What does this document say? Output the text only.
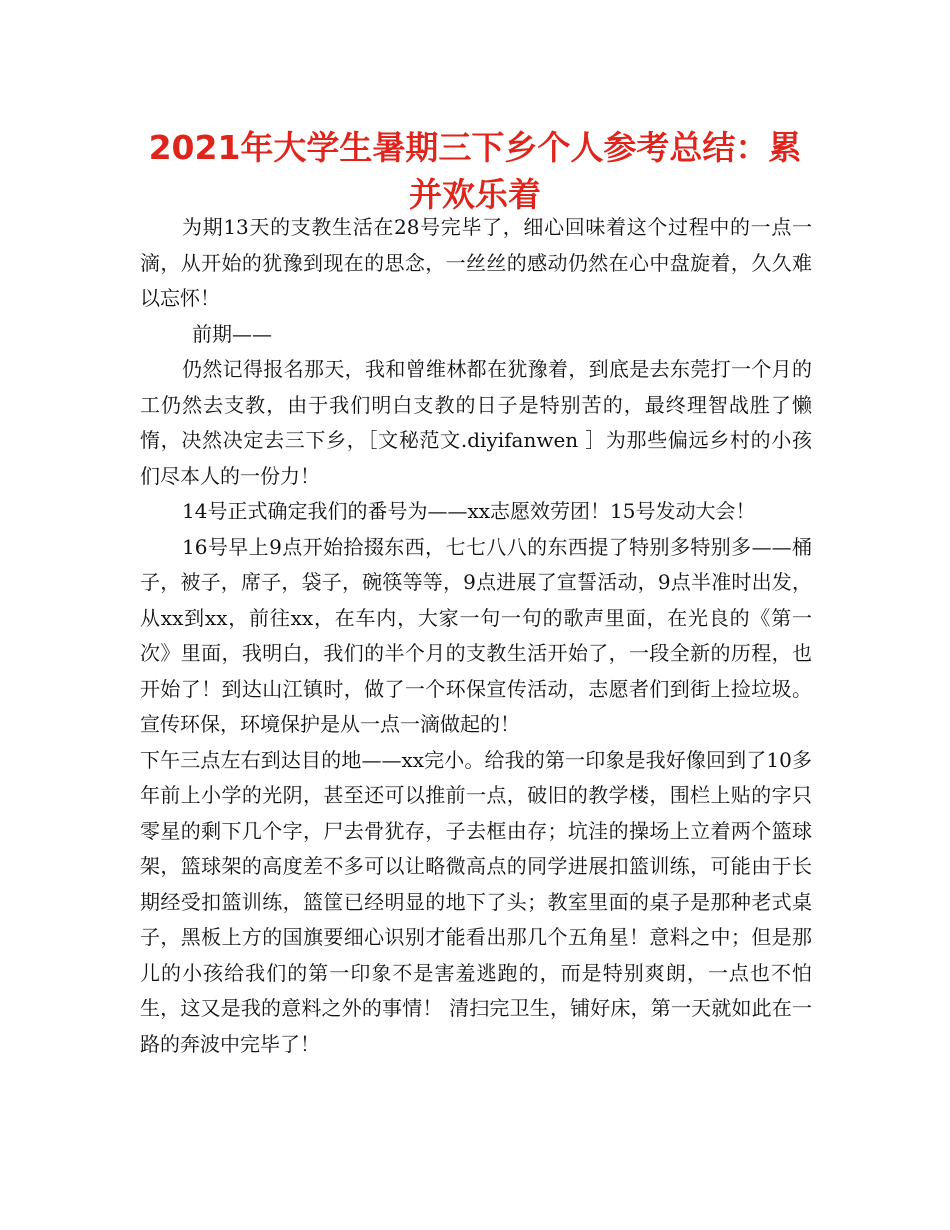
2021年大学生暑期三下乡个人参考总结：累并欢乐着

为期13天的支教生活在28号完毕了，细心回味着这个过程中的一点一滴，从开始的犹豫到现在的思念，一丝丝的感动仍然在心中盘旋着，久久难以忘怀！

前期——

仍然记得报名那天，我和曾维林都在犹豫着，到底是去东莞打一个月的工仍然去支教，由于我们明白支教的日子是特别苦的，最终理智战胜了懒惰，决然决定去三下乡，［文秘范文.diyifanwen ］为那些偏远乡村的小孩们尽本人的一份力！

14号正式确定我们的番号为——xx志愿效劳团！15号发动大会！

16号早上9点开始拾掇东西，七七八八的东西提了特别多特别多——桶子，被子，席子，袋子，碗筷等等，9点进展了宣誓活动，9点半准时出发，从xx到xx，前往xx，在车内，大家一句一句的歌声里面，在光良的《第一次》里面，我明白，我们的半个月的支教生活开始了，一段全新的历程，也开始了！到达山江镇时，做了一个环保宣传活动，志愿者们到街上捡垃圾。宣传环保，环境保护是从一点一滴做起的！

下午三点左右到达目的地——xx完小。给我的第一印象是我好像回到了10多年前上小学的光阴，甚至还可以推前一点，破旧的教学楼，围栏上贴的字只零星的剩下几个字，尸去骨犹存，子去框由存；坑洼的操场上立着两个篮球架，篮球架的高度差不多可以让略微高点的同学进展扣篮训练，可能由于长期经受扣篮训练，篮筐已经明显的地下了头；教室里面的桌子是那种老式桌子，黑板上方的国旗要细心识别才能看出那几个五角星！意料之中；但是那儿的小孩给我们的第一印象不是害羞逃跑的，而是特别爽朗，一点也不怕生，这又是我的意料之外的事情！ 清扫完卫生，铺好床，第一天就如此在一路的奔波中完毕了！
